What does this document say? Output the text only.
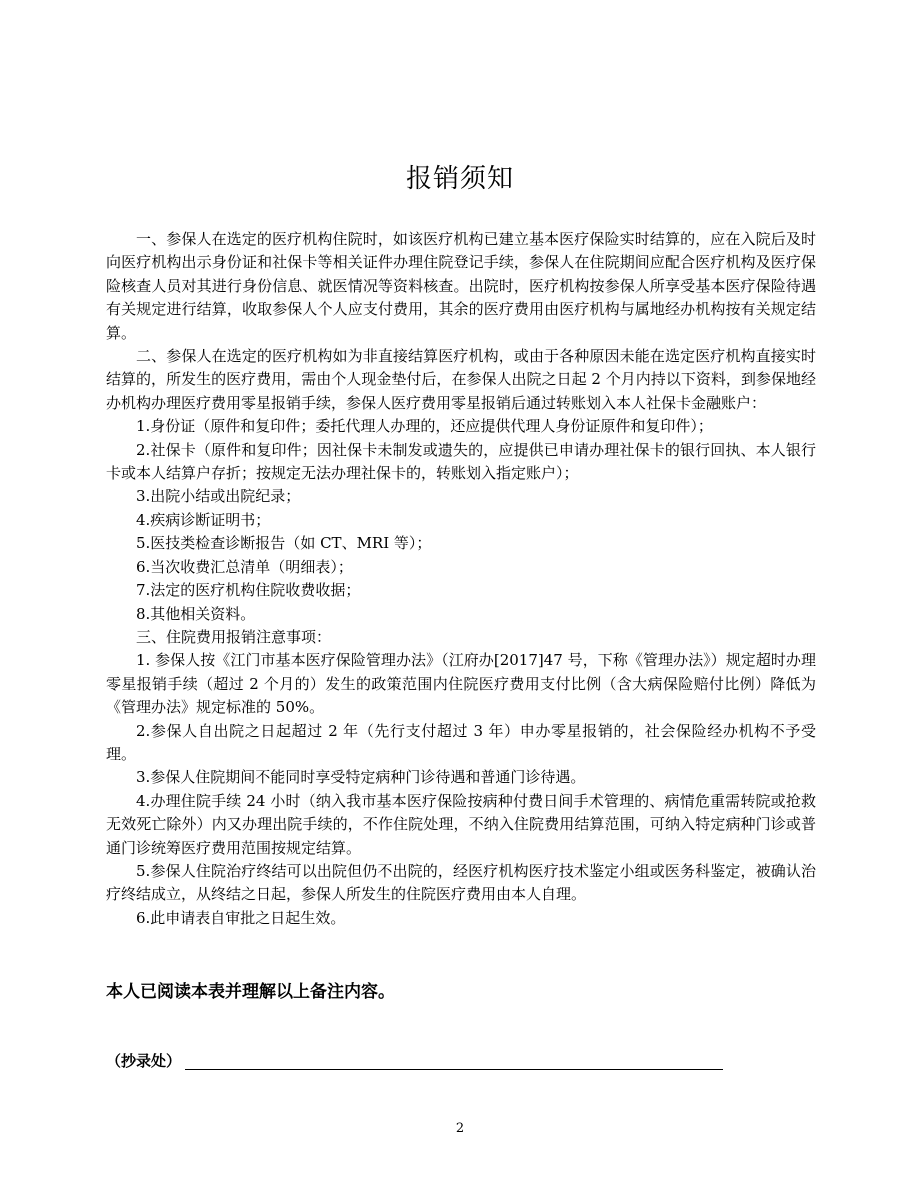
报销须知

一、参保人在选定的医疗机构住院时，如该医疗机构已建立基本医疗保险实时结算的，应在入院后及时向医疗机构出示身份证和社保卡等相关证件办理住院登记手续，参保人在住院期间应配合医疗机构及医疗保险核查人员对其进行身份信息、就医情况等资料核查。出院时，医疗机构按参保人所享受基本医疗保险待遇有关规定进行结算，收取参保人个人应支付费用，其余的医疗费用由医疗机构与属地经办机构按有关规定结算。

二、参保人在选定的医疗机构如为非直接结算医疗机构，或由于各种原因未能在选定医疗机构直接实时结算的，所发生的医疗费用，需由个人现金垫付后，在参保人出院之日起 2 个月内持以下资料，到参保地经办机构办理医疗费用零星报销手续，参保人医疗费用零星报销后通过转账划入本人社保卡金融账户：

1.身份证（原件和复印件；委托代理人办理的，还应提供代理人身份证原件和复印件）；

2.社保卡（原件和复印件；因社保卡未制发或遗失的，应提供已申请办理社保卡的银行回执、本人银行卡或本人结算户存折；按规定无法办理社保卡的，转账划入指定账户）；

3.出院小结或出院纪录；

4.疾病诊断证明书；

5.医技类检查诊断报告（如 CT、MRI 等）；

6.当次收费汇总清单（明细表）；

7.法定的医疗机构住院收费收据；

8.其他相关资料。

三、住院费用报销注意事项：

1. 参保人按《江门市基本医疗保险管理办法》（江府办[2017]47 号，下称《管理办法》）规定超时办理零星报销手续（超过 2 个月的）发生的政策范围内住院医疗费用支付比例（含大病保险赔付比例）降低为《管理办法》规定标准的 50%。

2.参保人自出院之日起超过 2 年（先行支付超过 3 年）申办零星报销的，社会保险经办机构不予受理。

3.参保人住院期间不能同时享受特定病种门诊待遇和普通门诊待遇。

4.办理住院手续 24 小时（纳入我市基本医疗保险按病种付费日间手术管理的、病情危重需转院或抢救无效死亡除外）内又办理出院手续的，不作住院处理，不纳入住院费用结算范围，可纳入特定病种门诊或普通门诊统筹医疗费用范围按规定结算。

5.参保人住院治疗终结可以出院但仍不出院的，经医疗机构医疗技术鉴定小组或医务科鉴定，被确认治疗终结成立，从终结之日起，参保人所发生的住院医疗费用由本人自理。

6.此申请表自审批之日起生效。

本人已阅读本表并理解以上备注内容。

（抄录处）
2
